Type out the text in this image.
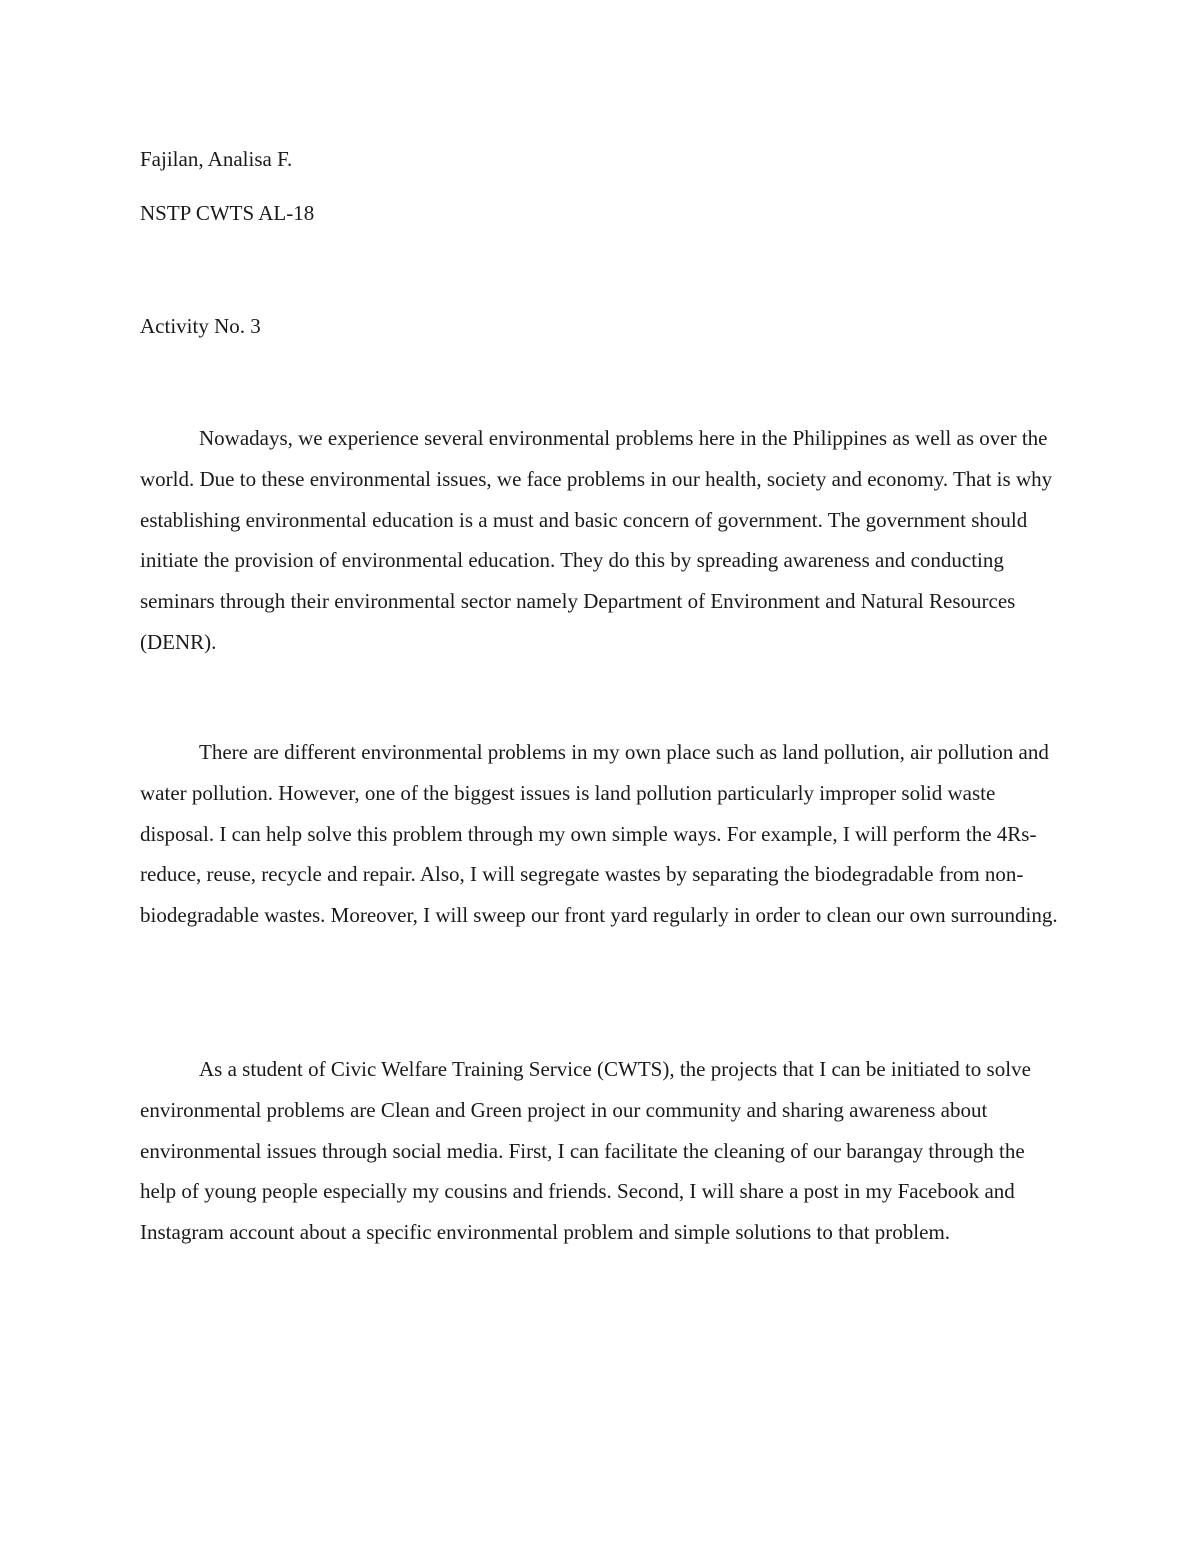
Fajilan, Analisa F.
NSTP CWTS AL-18
Activity No. 3

Nowadays, we experience several environmental problems here in the Philippines as well as over the world. Due to these environmental issues, we face problems in our health, society and economy. That is why establishing environmental education is a must and basic concern of government. The government should initiate the provision of environmental education. They do this by spreading awareness and conducting seminars through their environmental sector namely Department of Environment and Natural Resources (DENR).

There are different environmental problems in my own place such as land pollution, air pollution and water pollution. However, one of the biggest issues is land pollution particularly improper solid waste disposal. I can help solve this problem through my own simple ways. For example, I will perform the 4Rs- reduce, reuse, recycle and repair. Also, I will segregate wastes by separating the biodegradable from non-biodegradable wastes. Moreover, I will sweep our front yard regularly in order to clean our own surrounding.

As a student of Civic Welfare Training Service (CWTS), the projects that I can be initiated to solve environmental problems are Clean and Green project in our community and sharing awareness about environmental issues through social media. First, I can facilitate the cleaning of our barangay through the help of young people especially my cousins and friends. Second, I will share a post in my Facebook and Instagram account about a specific environmental problem and simple solutions to that problem.
